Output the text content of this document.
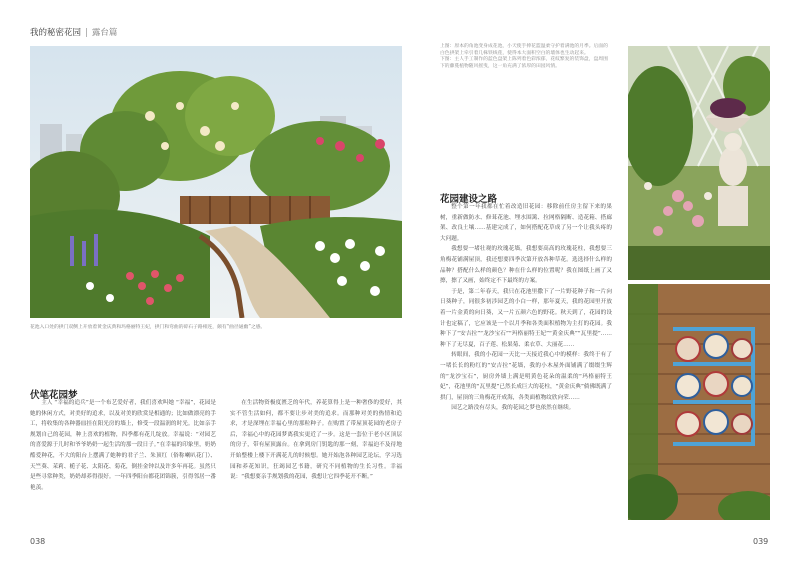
我的秘密花园 | 露台篇
花池入口处的拱门双侧上开放着黄金庆典和玛格丽特王妃，拱门和弯曲的碎石子路相连，颇有“曲径通幽”之感。
伏笔花园梦

主人 “幸福的追兵”是一个布艺爱好者，我们喜欢叫她 “幸福”，花园是她的休闲方式，对美好的追求，以及对美的欣赏是相通的；比如做漂亮的手工，将收集的各种器皿挂在阳光房的墙上，修受一段温润的时光。比如亲手规划自己的花园，种上喜欢的植物，四季都有花儿绽放。幸福说：“对园艺的喜爱源于儿时和爷爷奶奶一起生活的那一段日子。”在幸福的印象里，奶奶酷爱种花，不大的阳台上摆满了她种的君子兰、朱顶红（俗称喇叭花门）、天竺葵、茉莉、栀子花、太阳花、菊花，倒挂金钟以及许多年再花。虽然只是些寻常种类，奶奶却养得很好。一年四季阳台都花团锦簇，引得邻居一番艳羡。

在生活物资极度匮乏的年代，养花算得上是一种奢侈的爱好，其实不管生活如何，都不要让步对美的追求。而那种对美的热情和追求，才是深埋在幸福心里的那粒种子。在购置了带屋顶花园的老房子后，幸福心中的花园梦离我实更近了一步。这是一套位于老小区顶层的房子，带有屋顶露台。在拿到房门钥匙的那一刻，幸福迫不及待地开始整楼上楼下开满花儿的时候想。她开始泡各种园艺论坛，学习选园和养花知识，狂竭园艺书籍，研究不同植物的生长习性。幸福说：“我想要亲手规划我的花园，我想让它四季花开不断。”

038
上图：原本的角池变身成花池，小天使手捧花篮温柔守护着满池的月季。后面的白色拱架上牵引着几株铁线莲，使得本大面积空白的墙体也生动起来。
下图：主人手工制作的蓝色盘架上陈列着色彩浓郁，花纹繁复的装饰盘，盘周围下的藤蔓植物随风摇曳，这一角充满了浓厚的田园风情。
花园建设之路

整个第一年我都在忙着改造旧花园：移除前任房主留下来的果树，重新做防水、修葺花池、埋水围篱、拉网格隔断、造花箱、搭廊架、改良土壤……基建完成了，如何搭配花草成了另一个让我头疼的大问题。

我想要一堵壮观的玫瑰花墙，我想要高高的玫瑰花柱，我想要三角梅花铺满屋顶，我还想要四季次第开放各种草花。选选择什么样的品种？搭配什么样的颜色？种在什么样的位置呢？我在图纸上画了又擦，擦了又画，始终定不下最终的方案。

于是，第二年春天，我只在花池里撒下了一片野花种子和一片向日葵种子，同很多初涉园艺的小白一样，那年夏天，我的花园里开放着一片金黄的向日葵，又一片五颜六色的野花。秋天到了，花园的设计也定稿了，它应该是一个以月季和各类面积植物为主打的花园。我种下了“安吉拉”“龙沙宝石”“玛格丽特王妃”“黄金庆典”“瓦里提”……种下了无尽夏，百子莲、松果菊、柔衣草、大丽花……

转眼间，我的小花园一天比一天接近我心中的模样：我终于有了一堵长长的粉红的“安吉拉”花墙，我的小木屋外面铺满了缀缀生辉的“龙沙宝石”，厨房外墙上满是明黄色花朵的温柔的“玛格丽特王妃”，花池里的“瓦里提”已然长成巨大的花柱，“黄金庆典”倘佛既满了拱门，屋顶的三角梅花开成海，各类面植物纹欣向荣……

园艺之路没有尽头，我的花园之梦也依然在继续。

039
